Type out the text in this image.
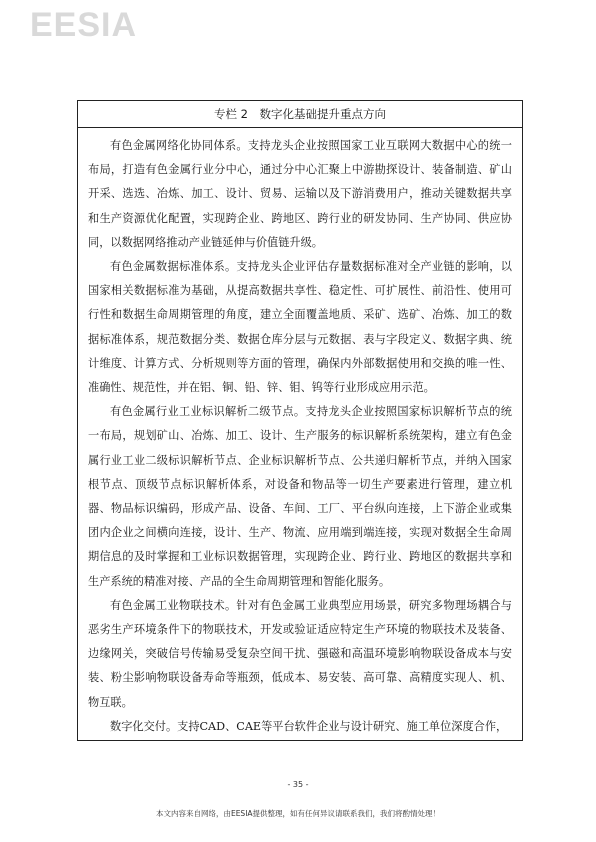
EESIA
专栏 2　数字化基础提升重点方向

有色金属网络化协同体系。支持龙头企业按照国家工业互联网大数据中心的统一布局，打造有色金属行业分中心，通过分中心汇聚上中游勘探设计、装备制造、矿山开采、选选、冶炼、加工、设计、贸易、运输以及下游消费用户，推动关键数据共享和生产资源优化配置，实现跨企业、跨地区、跨行业的研发协同、生产协同、供应协同，以数据网络推动产业链延伸与价值链升级。

有色金属数据标准体系。支持龙头企业评估存量数据标准对全产业链的影响，以国家相关数据标准为基础，从提高数据共享性、稳定性、可扩展性、前沿性、使用可行性和数据生命周期管理的角度，建立全面覆盖地质、采矿、选矿、冶炼、加工的数据标准体系，规范数据分类、数据仓库分层与元数据、表与字段定义、数据字典、统计维度、计算方式、分析规则等方面的管理，确保内外部数据使用和交换的唯一性、准确性、规范性，并在铝、铜、铅、锌、钼、钨等行业形成应用示范。

有色金属行业工业标识解析二级节点。支持龙头企业按照国家标识解析节点的统一布局，规划矿山、冶炼、加工、设计、生产服务的标识解析系统架构，建立有色金属行业工业二级标识解析节点、企业标识解析节点、公共递归解析节点，并纳入国家根节点、顶级节点标识解析体系，对设备和物品等一切生产要素进行管理，建立机器、物品标识编码，形成产品、设备、车间、工厂、平台纵向连接，上下游企业或集团内企业之间横向连接，设计、生产、物流、应用端到端连接，实现对数据全生命周期信息的及时掌握和工业标识数据管理，实现跨企业、跨行业、跨地区的数据共享和生产系统的精准对接、产品的全生命周期管理和智能化服务。

有色金属工业物联技术。针对有色金属工业典型应用场景，研究多物理场耦合与恶劣生产环境条件下的物联技术，开发或验证适应特定生产环境的物联技术及装备、边缘网关，突破信号传输易受复杂空间干扰、强磁和高温环境影响物联设备成本与安装、粉尘影响物联设备寿命等瓶颈，低成本、易安装、高可靠、高精度实现人、机、物互联。

数字化交付。支持CAD、CAE等平台软件企业与设计研究、施工单位深度合作，

- 35 -
本文内容来自网络，由EESIA提供整理，如有任何异议请联系我们，我们将酌情处理！
